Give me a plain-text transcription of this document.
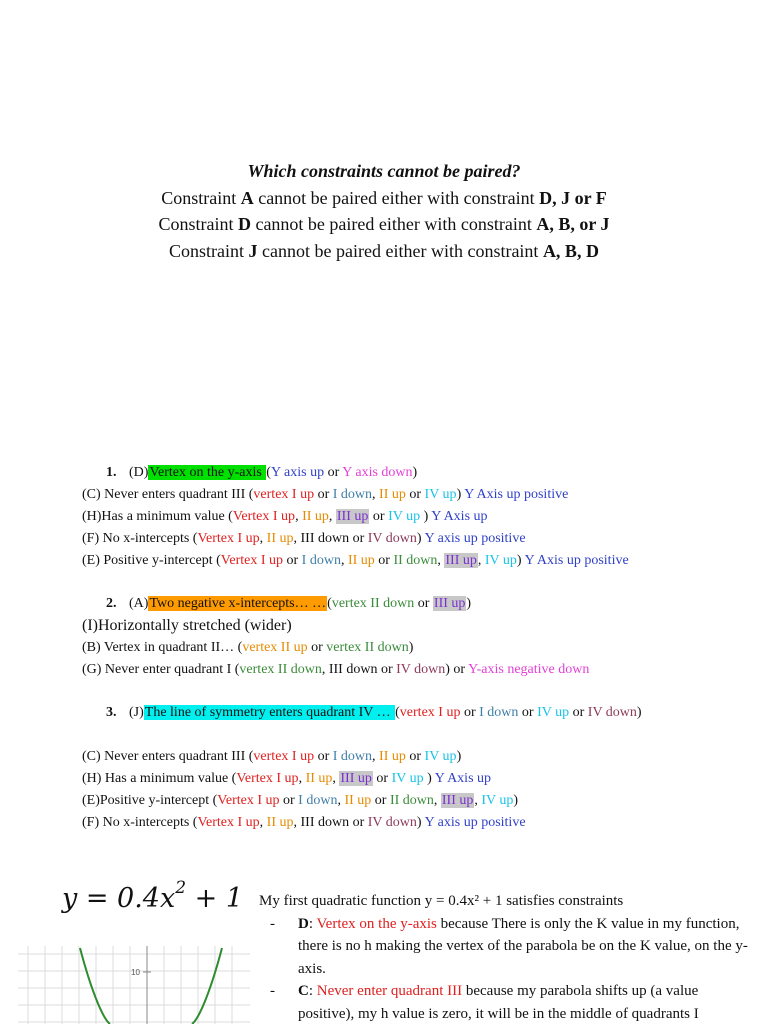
Which constraints cannot be paired?
Constraint A cannot be paired either with constraint D, J or F
Constraint D cannot be paired either with constraint A, B, or J
Constraint J cannot be paired either with constraint A, B, D
1. (D)Vertex on the y-axis (Y axis up or Y axis down)
(C) Never enters quadrant III (vertex I up or I down, II up or IV up) Y Axis up positive
(H)Has a minimum value (Vertex I up, II up, III up or IV up ) Y Axis up
(F) No x-intercepts (Vertex I up, II up, III down or IV down) Y axis up positive
(E) Positive y-intercept (Vertex I up or I down, II up or II down, III up, IV up) Y Axis up positive
2. (A)Two negative x-intercepts… …(vertex II down or III up)
(I)Horizontally stretched (wider)
(B) Vertex in quadrant II… (vertex II up or vertex II down)
(G) Never enter quadrant I (vertex II down, III down or IV down) or Y-axis negative down
3. (J)The line of symmetry enters quadrant IV … (vertex I up or I down or IV up or IV down)

(C) Never enters quadrant III (vertex I up or I down, II up or IV up)
(H) Has a minimum value (Vertex I up, II up, III up or IV up ) Y Axis up
(E)Positive y-intercept (Vertex I up or I down, II up or II down, III up, IV up)
(F) No x-intercepts (Vertex I up, II up, III down or IV down) Y axis up positive
$y = 0.4x^2 + 1$
10
My first quadratic function y = 0.4x² + 1 satisfies constraints
- D: Vertex on the y-axis because There is only the K value in my function, there is no h making the vertex of the parabola be on the K value, on the y-axis.
- C: Never enter quadrant III because my parabola shifts up (a value positive), my h value is zero, it will be in the middle of quadrants I
